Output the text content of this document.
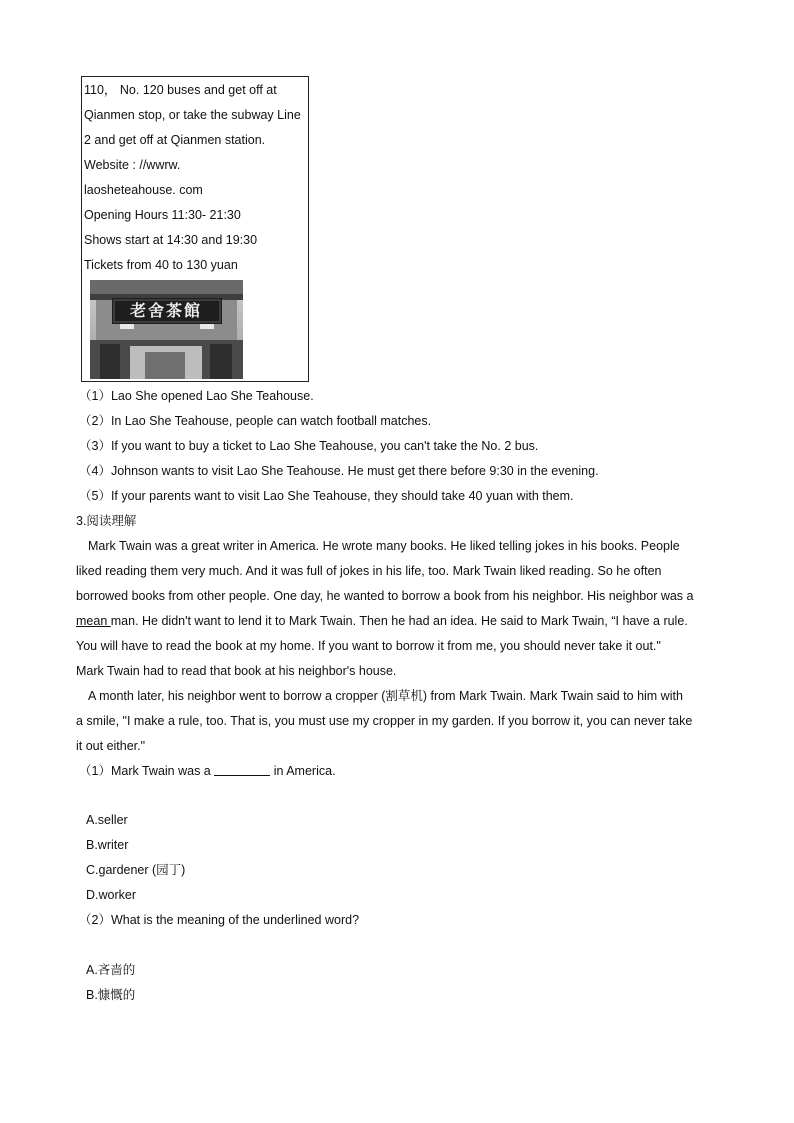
110， No. 120 buses and get off at
Qianmen stop, or take the subway Line
2 and get off at Qianmen station.
Website : //wwrw.
laosheteahouse. com
Opening Hours 11:30- 21:30
Shows start at 14:30 and 19:30
Tickets from 40 to 130 yuan
老舍茶館
（1）Lao She opened Lao She Teahouse.
（2）In Lao She Teahouse, people can watch football matches.
（3）If you want to buy a ticket to Lao She Teahouse, you can't take the No. 2 bus.
（4）Johnson wants to visit Lao She Teahouse. He must get there before 9:30 in the evening.
（5）If your parents want to visit Lao She Teahouse, they should take 40 yuan with them.
3.阅读理解
Mark Twain was a great writer in America. He wrote many books. He liked telling jokes in his books. People
liked reading them very much. And it was full of jokes in his life, too. Mark Twain liked reading. So he often
borrowed books from other people. One day, he wanted to borrow a book from his neighbor. His neighbor was a
mean man. He didn't want to lend it to Mark Twain. Then he had an idea. He said to Mark Twain, “I have a rule.
You will have to read the book at my home. If you want to borrow it from me, you should never take it out."
Mark Twain had to read that book at his neighbor's house.
A month later, his neighbor went to borrow a cropper (割草机) from Mark Twain. Mark Twain said to him with
a smile, "I make a rule, too. That is, you must use my cropper in my garden. If you borrow it, you can never take
it out either."
（1）Mark Twain was a	in America.
A.seller
B.writer
C.gardener (园丁)
D.worker
（2）What is the meaning of the underlined word?
A.吝啬的
B.慷慨的
